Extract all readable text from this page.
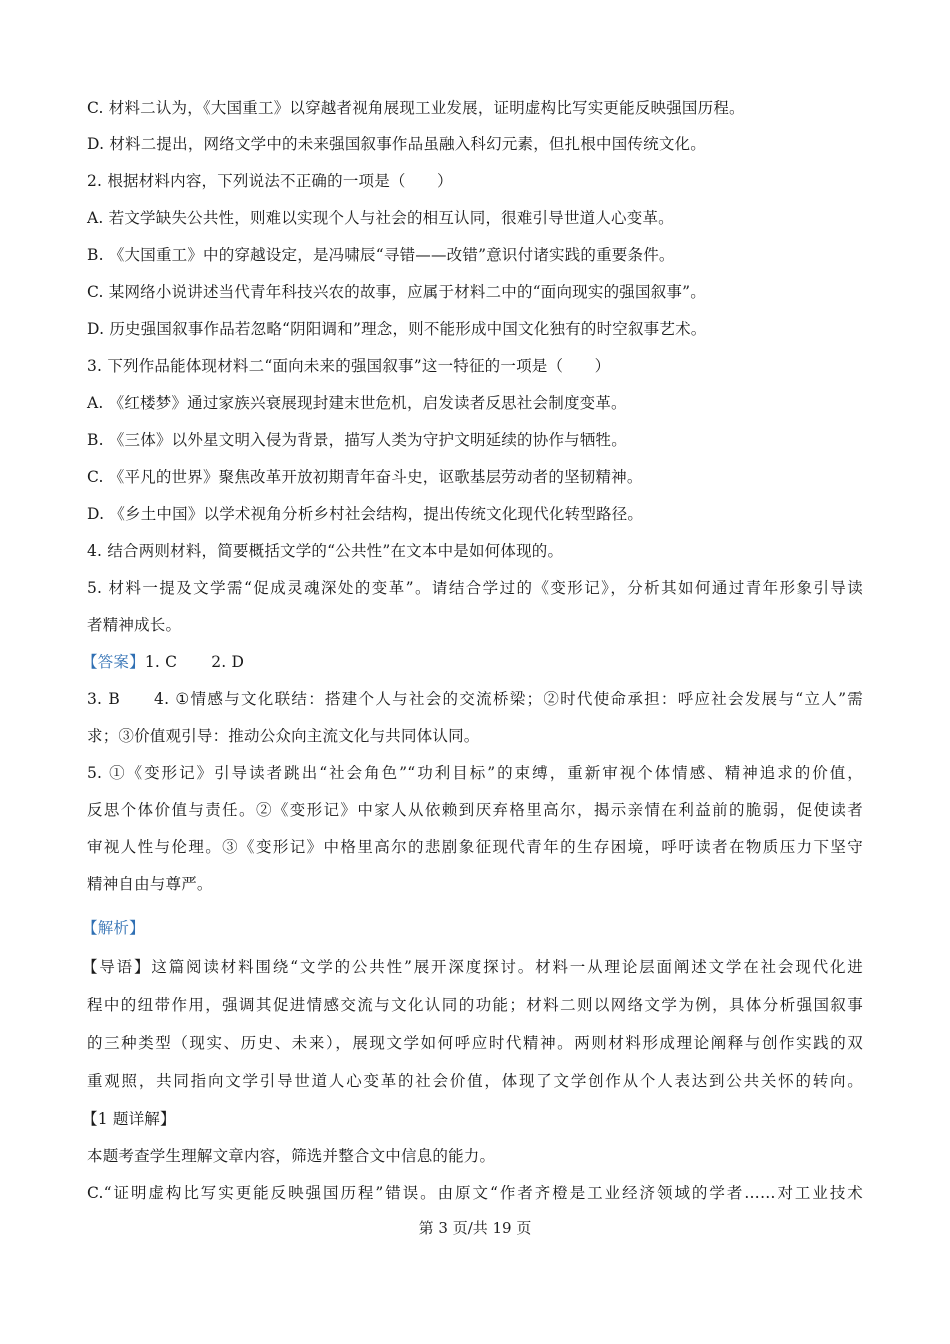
C. 材料二认为，《大国重工》以穿越者视角展现工业发展，证明虚构比写实更能反映强国历程。
D. 材料二提出，网络文学中的未来强国叙事作品虽融入科幻元素，但扎根中国传统文化。
2. 根据材料内容，下列说法不正确的一项是（　　）
A. 若文学缺失公共性，则难以实现个人与社会的相互认同，很难引导世道人心变革。
B. 《大国重工》中的穿越设定，是冯啸辰“寻错——改错”意识付诸实践的重要条件。
C. 某网络小说讲述当代青年科技兴农的故事，应属于材料二中的“面向现实的强国叙事”。
D. 历史强国叙事作品若忽略“阴阳调和”理念，则不能形成中国文化独有的时空叙事艺术。
3. 下列作品能体现材料二“面向未来的强国叙事”这一特征的一项是（　　）
A. 《红楼梦》通过家族兴衰展现封建末世危机，启发读者反思社会制度变革。
B. 《三体》以外星文明入侵为背景，描写人类为守护文明延续的协作与牺牲。
C. 《平凡的世界》聚焦改革开放初期青年奋斗史，讴歌基层劳动者的坚韧精神。
D. 《乡土中国》以学术视角分析乡村社会结构，提出传统文化现代化转型路径。
4. 结合两则材料，简要概括文学的“公共性”在文本中是如何体现的。
5. 材料一提及文学需“促成灵魂深处的变革”。请结合学过的《变形记》，分析其如何通过青年形象引导读
者精神成长。
【答案】1. C 2. D
3. B 4. ①情感与文化联结：搭建个人与社会的交流桥梁；②时代使命承担：呼应社会发展与“立人”需
求；③价值观引导：推动公众向主流文化与共同体认同。
5. ①《变形记》引导读者跳出“社会角色”“功利目标”的束缚，重新审视个体情感、精神追求的价值，
反思个体价值与责任。②《变形记》中家人从依赖到厌弃格里高尔，揭示亲情在利益前的脆弱，促使读者
审视人性与伦理。③《变形记》中格里高尔的悲剧象征现代青年的生存困境，呼吁读者在物质压力下坚守
精神自由与尊严。
【解析】
【导语】这篇阅读材料围绕“文学的公共性”展开深度探讨。材料一从理论层面阐述文学在社会现代化进
程中的纽带作用，强调其促进情感交流与文化认同的功能；材料二则以网络文学为例，具体分析强国叙事
的三种类型（现实、历史、未来），展现文学如何呼应时代精神。两则材料形成理论阐释与创作实践的双
重观照，共同指向文学引导世道人心变革的社会价值，体现了文学创作从个人表达到公共关怀的转向。
【1 题详解】
本题考查学生理解文章内容，筛选并整合文中信息的能力。
C.“证明虚构比写实更能反映强国历程”错误。由原文“作者齐橙是工业经济领域的学者……对工业技术
第 3 页/共 19 页
